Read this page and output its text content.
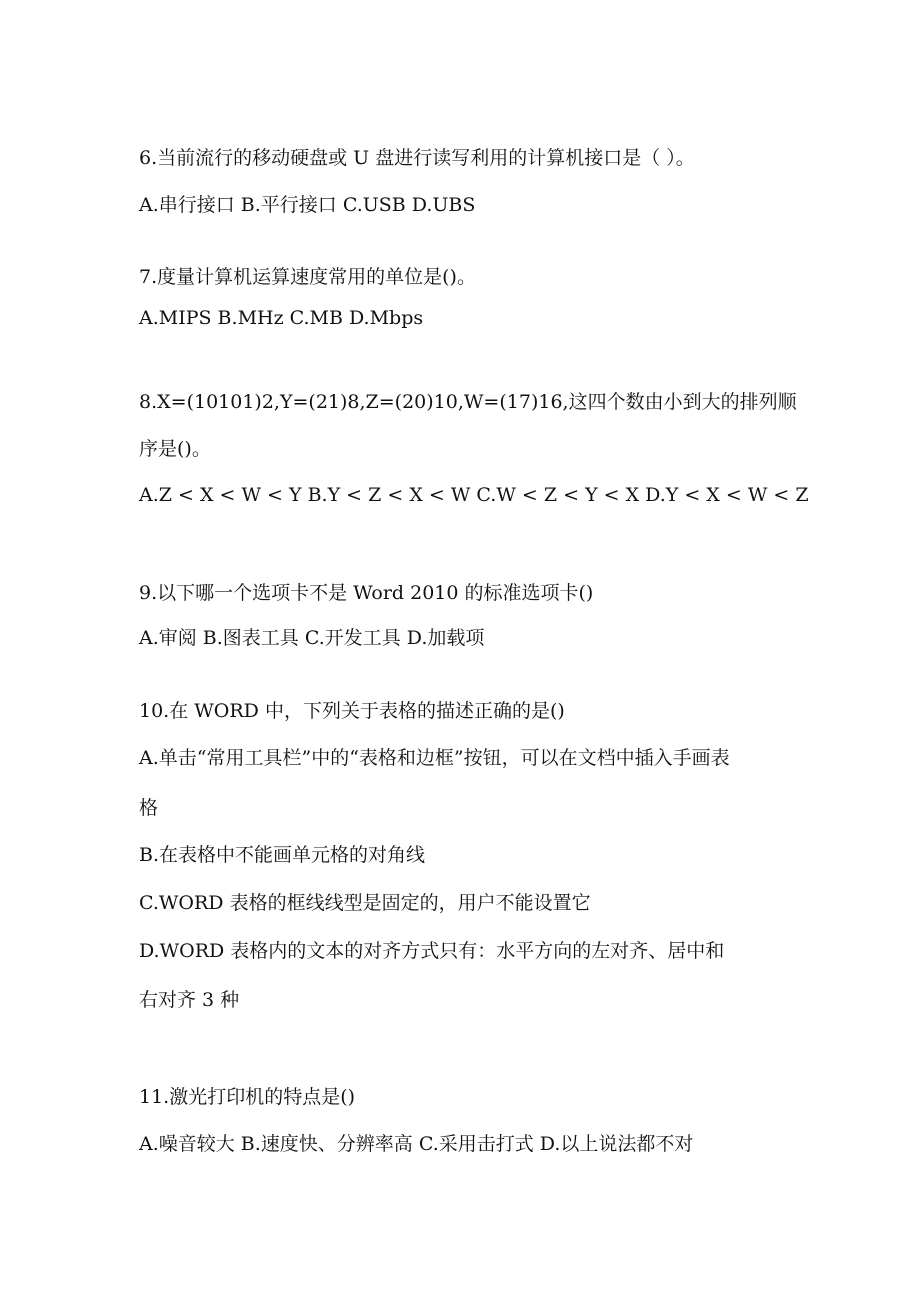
6.当前流行的移动硬盘或 U 盘进行读写利用的计算机接口是（ ）。
A.串行接口 B.平行接口 C.USB D.UBS
7.度量计算机运算速度常用的单位是()。
A.MIPS B.MHz C.MB D.Mbps
8.X=(10101)2,Y=(21)8,Z=(20)10,W=(17)16,这四个数由小到大的排列顺
序是()。
A.Z < X < W < Y B.Y < Z < X < W C.W < Z < Y < X D.Y < X < W < Z
9.以下哪一个选项卡不是 Word 2010 的标准选项卡()
A.审阅 B.图表工具 C.开发工具 D.加载项
10.在 WORD 中，下列关于表格的描述正确的是()
A.单击“常用工具栏”中的“表格和边框”按钮，可以在文档中插入手画表
格
B.在表格中不能画单元格的对角线
C.WORD 表格的框线线型是固定的，用户不能设置它
D.WORD 表格内的文本的对齐方式只有：水平方向的左对齐、居中和
右对齐 3 种
11.激光打印机的特点是()
A.噪音较大 B.速度快、分辨率高 C.采用击打式 D.以上说法都不对
